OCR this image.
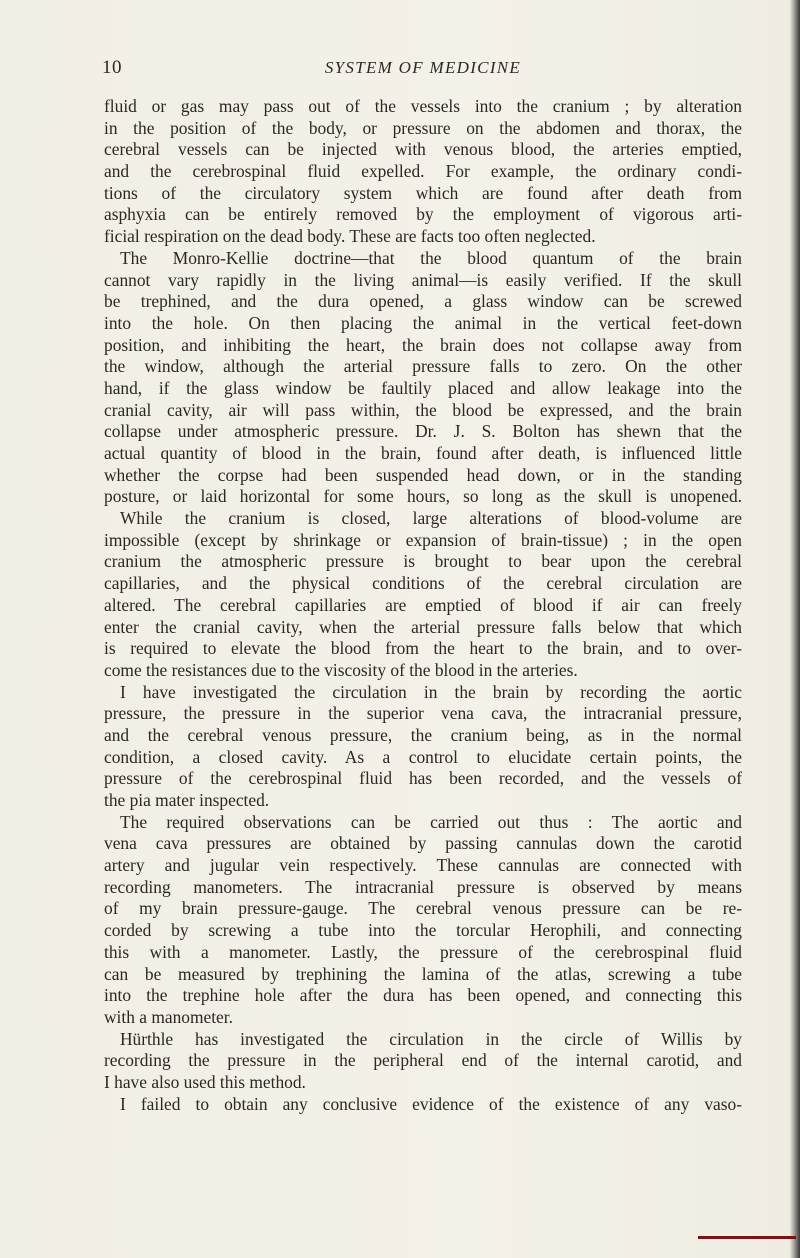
10	SYSTEM OF MEDICINE
fluid or gas may pass out of the vessels into the cranium ; by alteration
in the position of the body, or pressure on the abdomen and thorax, the
cerebral vessels can be injected with venous blood, the arteries emptied,
and the cerebrospinal fluid expelled. For example, the ordinary condi-
tions of the circulatory system which are found after death from
asphyxia can be entirely removed by the employment of vigorous arti-
ficial respiration on the dead body. These are facts too often neglected.
The Monro-Kellie doctrine—that the blood quantum of the brain
cannot vary rapidly in the living animal—is easily verified. If the skull
be trephined, and the dura opened, a glass window can be screwed
into the hole. On then placing the animal in the vertical feet-down
position, and inhibiting the heart, the brain does not collapse away from
the window, although the arterial pressure falls to zero. On the other
hand, if the glass window be faultily placed and allow leakage into the
cranial cavity, air will pass within, the blood be expressed, and the brain
collapse under atmospheric pressure. Dr. J. S. Bolton has shewn that the
actual quantity of blood in the brain, found after death, is influenced little
whether the corpse had been suspended head down, or in the standing
posture, or laid horizontal for some hours, so long as the skull is unopened.
While the cranium is closed, large alterations of blood-volume are
impossible (except by shrinkage or expansion of brain-tissue) ; in the open
cranium the atmospheric pressure is brought to bear upon the cerebral
capillaries, and the physical conditions of the cerebral circulation are
altered. The cerebral capillaries are emptied of blood if air can freely
enter the cranial cavity, when the arterial pressure falls below that which
is required to elevate the blood from the heart to the brain, and to over-
come the resistances due to the viscosity of the blood in the arteries.
I have investigated the circulation in the brain by recording the aortic
pressure, the pressure in the superior vena cava, the intracranial pressure,
and the cerebral venous pressure, the cranium being, as in the normal
condition, a closed cavity. As a control to elucidate certain points, the
pressure of the cerebrospinal fluid has been recorded, and the vessels of
the pia mater inspected.
The required observations can be carried out thus : The aortic and
vena cava pressures are obtained by passing cannulas down the carotid
artery and jugular vein respectively. These cannulas are connected with
recording manometers. The intracranial pressure is observed by means
of my brain pressure-gauge. The cerebral venous pressure can be re-
corded by screwing a tube into the torcular Herophili, and connecting
this with a manometer. Lastly, the pressure of the cerebrospinal fluid
can be measured by trephining the lamina of the atlas, screwing a tube
into the trephine hole after the dura has been opened, and connecting this
with a manometer.
Hürthle has investigated the circulation in the circle of Willis by
recording the pressure in the peripheral end of the internal carotid, and
I have also used this method.
I failed to obtain any conclusive evidence of the existence of any vaso-
